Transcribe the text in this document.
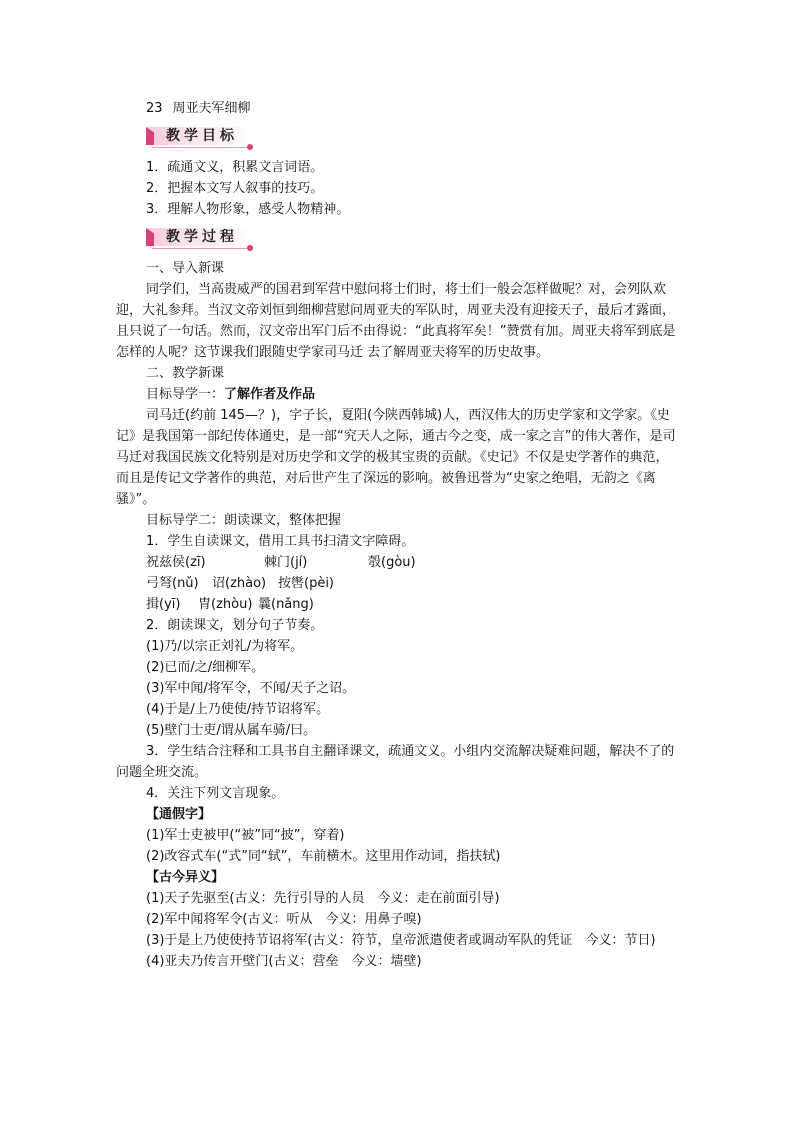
23 周亚夫军细柳
教学目标
1．疏通文义，积累文言词语。
2．把握本文写人叙事的技巧。
3．理解人物形象，感受人物精神。
教学过程
一、导入新课
同学们，当高贵威严的国君到军营中慰问将士们时，将士们一般会怎样做呢？对，会列队欢迎，大礼参拜。当汉文帝刘恒到细柳营慰问周亚夫的军队时，周亚夫没有迎接天子，最后才露面，且只说了一句话。然而，汉文帝出军门后不由得说：“此真将军矣！”赞赏有加。周亚夫将军到底是怎样的人呢？这节课我们跟随史学家司马迁 去了解周亚夫将军的历史故事。
二、教学新课
目标导学一：了解作者及作品
司马迁(约前 145—？)，字子长，夏阳(今陕西韩城)人，西汉伟大的历史学家和文学家。《史记》是我国第一部纪传体通史，是一部“究天人之际，通古今之变，成一家之言”的伟大著作，是司马迁对我国民族文化特别是对历史学和文学的极其宝贵的贡献。《史记》不仅是史学著作的典范，而且是传记文学著作的典范，对后世产生了深远的影响。被鲁迅誉为“史家之绝唱，无韵之《离骚》”。
目标导学二：朗读课文，整体把握
1．学生自读课文，借用工具书扫清文字障碍。
祝兹侯(zī)	棘门(jí)	彀(gòu)
弓弩(nǔ) 诏(zhào) 按辔(pèi)
揖(yī) 胄(zhòu) 曩(nǎng)
2．朗读课文，划分句子节奏。
(1)乃/以宗正刘礼/为将军。
(2)已而/之/细柳军。
(3)军中闻/将军令，不闻/天子之诏。
(4)于是/上乃使使/持节诏将军。
(5)壁门士吏/谓从属车骑/曰。
3．学生结合注释和工具书自主翻译课文，疏通文义。小组内交流解决疑难问题，解决不了的问题全班交流。
4．关注下列文言现象。
【通假字】
(1)军士吏被甲(“被”同“披”，穿着)
(2)改容式车(“式”同“轼”，车前横木。这里用作动词，指扶轼)
【古今异义】
(1)天子先驱至(古义：先行引导的人员　今义：走在前面引导)
(2)军中闻将军令(古义：听从　今义：用鼻子嗅)
(3)于是上乃使使持节诏将军(古义：符节，皇帝派遣使者或调动军队的凭证　今义：节日)
(4)亚夫乃传言开壁门(古义：营垒　今义：墙壁)
